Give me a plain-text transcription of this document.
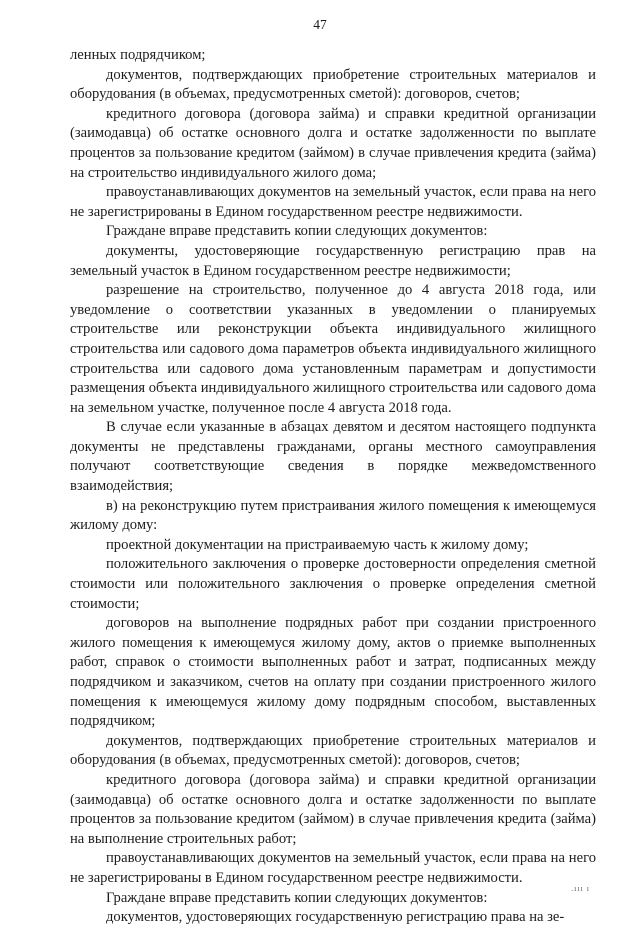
47

ленных подрядчиком;

документов, подтверждающих приобретение строительных материалов и оборудования (в объемах, предусмотренных сметой): договоров, счетов;

кредитного договора (договора займа) и справки кредитной организации (заимодавца) об остатке основного долга и остатке задолженности по выплате процентов за пользование кредитом (займом) в случае привлечения кредита (займа) на строительство индивидуального жилого дома;

правоустанавливающих документов на земельный участок, если права на него не зарегистрированы в Едином государственном реестре недвижимости.

Граждане вправе представить копии следующих документов:

документы, удостоверяющие государственную регистрацию прав на земельный участок в Едином государственном реестре недвижимости;

разрешение на строительство, полученное до 4 августа 2018 года, или уведомление о соответствии указанных в уведомлении о планируемых строительстве или реконструкции объекта индивидуального жилищного строительства или садового дома параметров объекта индивидуального жилищного строительства или садового дома установленным параметрам и допустимости размещения объекта индивидуального жилищного строительства или садового дома на земельном участке, полученное после 4 августа 2018 года.

В случае если указанные в абзацах девятом и десятом настоящего подпункта документы не представлены гражданами, органы местного самоуправления получают соответствующие сведения в порядке межведомственного взаимодействия;

в) на реконструкцию путем пристраивания жилого помещения к имеющемуся жилому дому:

проектной документации на пристраиваемую часть к жилому дому;

положительного заключения о проверке достоверности определения сметной стоимости или положительного заключения о проверке определения сметной стоимости;

договоров на выполнение подрядных работ при создании пристроенного жилого помещения к имеющемуся жилому дому, актов о приемке выполненных работ, справок о стоимости выполненных работ и затрат, подписанных между подрядчиком и заказчиком, счетов на оплату при создании пристроенного жилого помещения к имеющемуся жилому дому подрядным способом, выставленных подрядчиком;

документов, подтверждающих приобретение строительных материалов и оборудования (в объемах, предусмотренных сметой): договоров, счетов;

кредитного договора (договора займа) и справки кредитной организации (заимодавца) об остатке основного долга и остатке задолженности по выплате процентов за пользование кредитом (займом) в случае привлечения кредита (займа) на выполнение строительных работ;

правоустанавливающих документов на земельный участок, если права на него не зарегистрированы в Едином государственном реестре недвижимости.

Граждане вправе представить копии следующих документов:

документов, удостоверяющих государственную регистрацию права на зе-

.ııı ı
